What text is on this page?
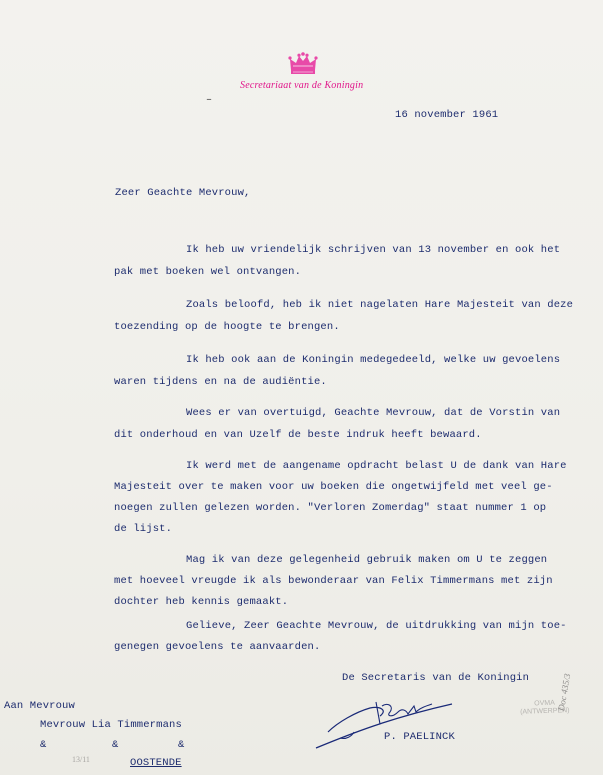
Secretariaat van de Koningin
–
16 november 1961
Zeer Geachte Mevrouw,
Ik heb uw vriendelijk schrijven van 13 november en ook het
pak met boeken wel ontvangen.
Zoals beloofd, heb ik niet nagelaten Hare Majesteit van deze
toezending op de hoogte te brengen.
Ik heb ook aan de Koningin medegedeeld, welke uw gevoelens
waren tijdens en na de audiëntie.
Wees er van overtuigd, Geachte Mevrouw, dat de Vorstin van
dit onderhoud en van Uzelf de beste indruk heeft bewaard.
Ik werd met de aangename opdracht belast U de dank van Hare
Majesteit over te maken voor uw boeken die ongetwijfeld met veel ge-
noegen zullen gelezen worden. "Verloren Zomerdag" staat nummer 1 op
de lijst.
Mag ik van deze gelegenheid gebruik maken om U te zeggen
met hoeveel vreugde ik als bewonderaar van Felix Timmermans met zijn
dochter heb kennis gemaakt.
Gelieve, Zeer Geachte Mevrouw, de uitdrukking van mijn toe-
genegen gevoelens te aanvaarden.
De Secretaris van de Koningin
P. PAELINCK
Aan Mevrouw
Mevrouw Lia Timmermans
&	&	&
OOSTENDE
OVMA
(ANTWERPEN)
Doc 435/3
13/11
